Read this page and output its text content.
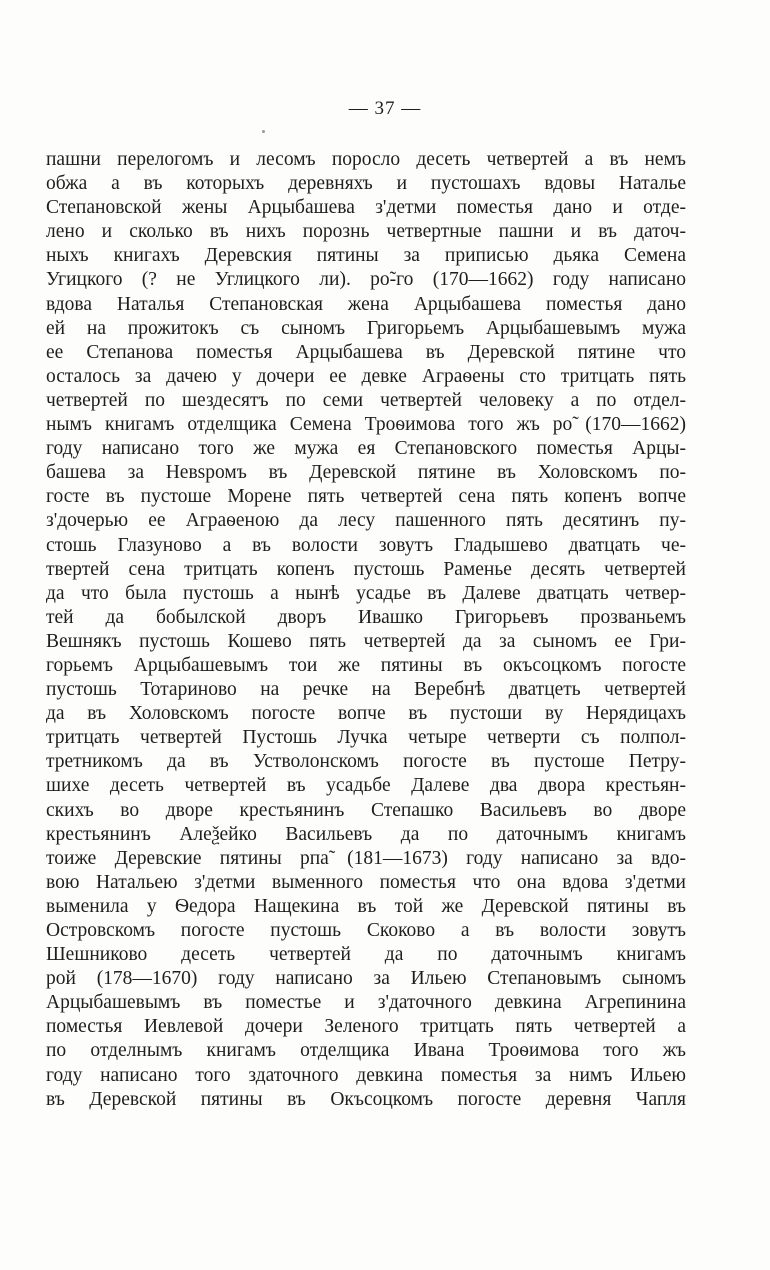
— 37 —
пашни перелогомъ и лесомъ поросло десеть четвертей а въ немъ
обжа а въ которыхъ деревняхъ и пустошахъ вдовы Наталье
Степановской жены Арцыбашева з'детми поместья дано и отде-
лено и сколько въ нихъ порознь четвертные пашни и въ даточ-
ныхъ книгахъ Деревския пятины за приписью дьяка Семена
Угицкого (? не Углицкого ли). ро̃-го (170—1662) году написано
вдова Наталья Степановская жена Арцыбашева поместья дано
ей на прожитокъ съ сыномъ Григорьемъ Арцыбашевымъ мужа
ее Степанова поместья Арцыбашева въ Деревской пятине что
осталось за дачею у дочери ее девке Аграѳены сто тритцать пять
четвертей по шездесятъ по семи четвертей человеку а по отдел-
нымъ книгамъ отделщика Семена Троѳимова того жъ ро̃ (170—1662)
году написано того же мужа ея Степановского поместья Арцы-
башева за Невѕромъ въ Деревской пятине въ Холовскомъ по-
госте въ пустоше Морене пять четвертей сена пять копенъ вопче
з'дочерью ее Аграѳеною да лесу пашенного пять десятинъ пу-
стошь Глазуново а въ волости зовутъ Гладышево дватцать че-
твертей сена тритцать копенъ пустошь Раменье десять четвертей
да что была пустошь а нынѣ усадье въ Далеве дватцать четвер-
тей да бобылской дворъ Ивашко Григорьевъ прозваньемъ
Вешнякъ пустошь Кошево пять четвертей да за сыномъ ее Гри-
горьемъ Арцыбашевымъ тои же пятины въ окъсоцкомъ погосте
пустошь Тотариново на речке на Веребнѣ дватцеть четвертей
да въ Холовскомъ погосте вопче въ пустоши ву Нерядицахъ
тритцать четвертей Пустошь Лучка четыре четверти съ полпол-
третникомъ да въ Устволонскомъ погосте въ пустоше Петру-
шихе десеть четвертей въ усадьбе Далеве два двора крестьян-
скихъ во дворе крестьянинъ Степашко Васильевъ во дворе
крестьянинъ Алеѯейко Васильевъ да по даточнымъ книгамъ
тоиже Деревские пятины рпа̃ (181—1673) году написано за вдо-
вою Натальею з'детми выменного поместья что она вдова з'детми
выменила у Ѳедора Нащекина въ той же Деревской пятины въ
Островскомъ погосте пустошь Скоково а въ волости зовутъ
Шешниково десеть четвертей да по даточнымъ книгамъ
рой (178—1670) году написано за Ильею Степановымъ сыномъ
Арцыбашевымъ въ поместье и з'даточного девкина Агрепинина
поместья Иевлевой дочери Зеленого тритцать пять четвертей а
по отделнымъ книгамъ отделщика Ивана Троѳимова того жъ
году написано того здаточного девкина поместья за нимъ Ильею
въ Деревской пятины въ Окъсоцкомъ погосте деревня Чапля
